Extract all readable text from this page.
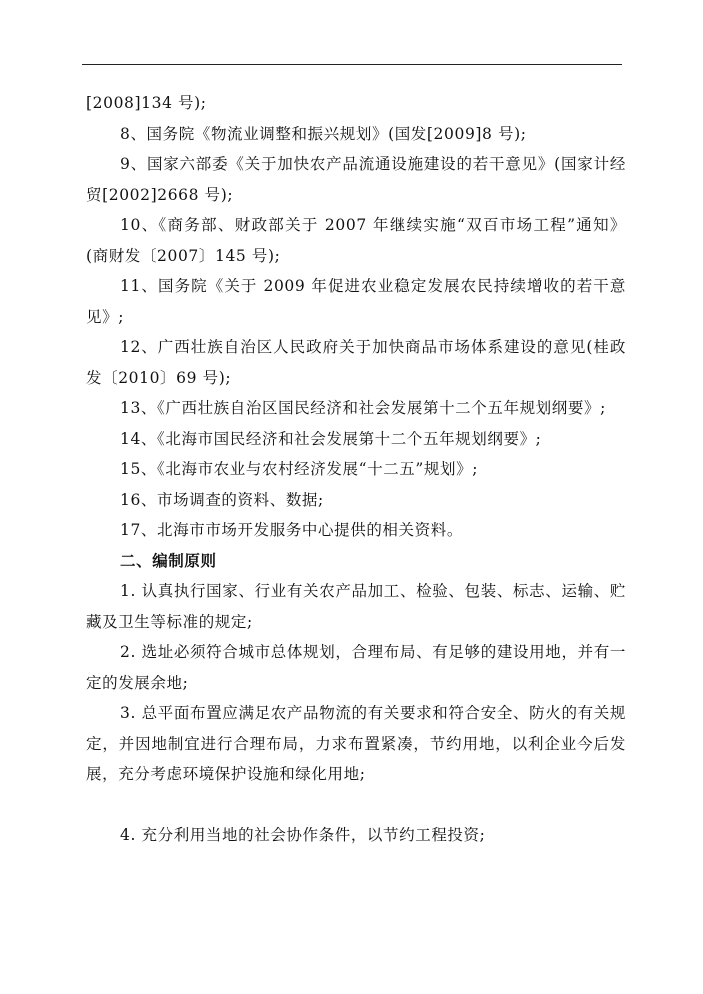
[2008]134 号);

8、国务院《物流业调整和振兴规划》(国发[2009]8 号);

9、国家六部委《关于加快农产品流通设施建设的若干意见》(国家计经贸[2002]2668 号);

10、《商务部、财政部关于 2007 年继续实施“双百市场工程”通知》(商财发〔2007〕145 号);

11、国务院《关于 2009 年促进农业稳定发展农民持续增收的若干意见》;

12、广西壮族自治区人民政府关于加快商品市场体系建设的意见(桂政发〔2010〕69 号);

13、《广西壮族自治区国民经济和社会发展第十二个五年规划纲要》;

14、《北海市国民经济和社会发展第十二个五年规划纲要》;

15、《北海市农业与农村经济发展“十二五”规划》;

16、市场调查的资料、数据;

17、北海市市场开发服务中心提供的相关资料。

二、编制原则

1. 认真执行国家、行业有关农产品加工、检验、包装、标志、运输、贮藏及卫生等标准的规定;

2. 选址必须符合城市总体规划，合理布局、有足够的建设用地，并有一定的发展余地;

3. 总平面布置应满足农产品物流的有关要求和符合安全、防火的有关规定，并因地制宜进行合理布局，力求布置紧凑，节约用地，以利企业今后发展，充分考虑环境保护设施和绿化用地;

4. 充分利用当地的社会协作条件，以节约工程投资;
